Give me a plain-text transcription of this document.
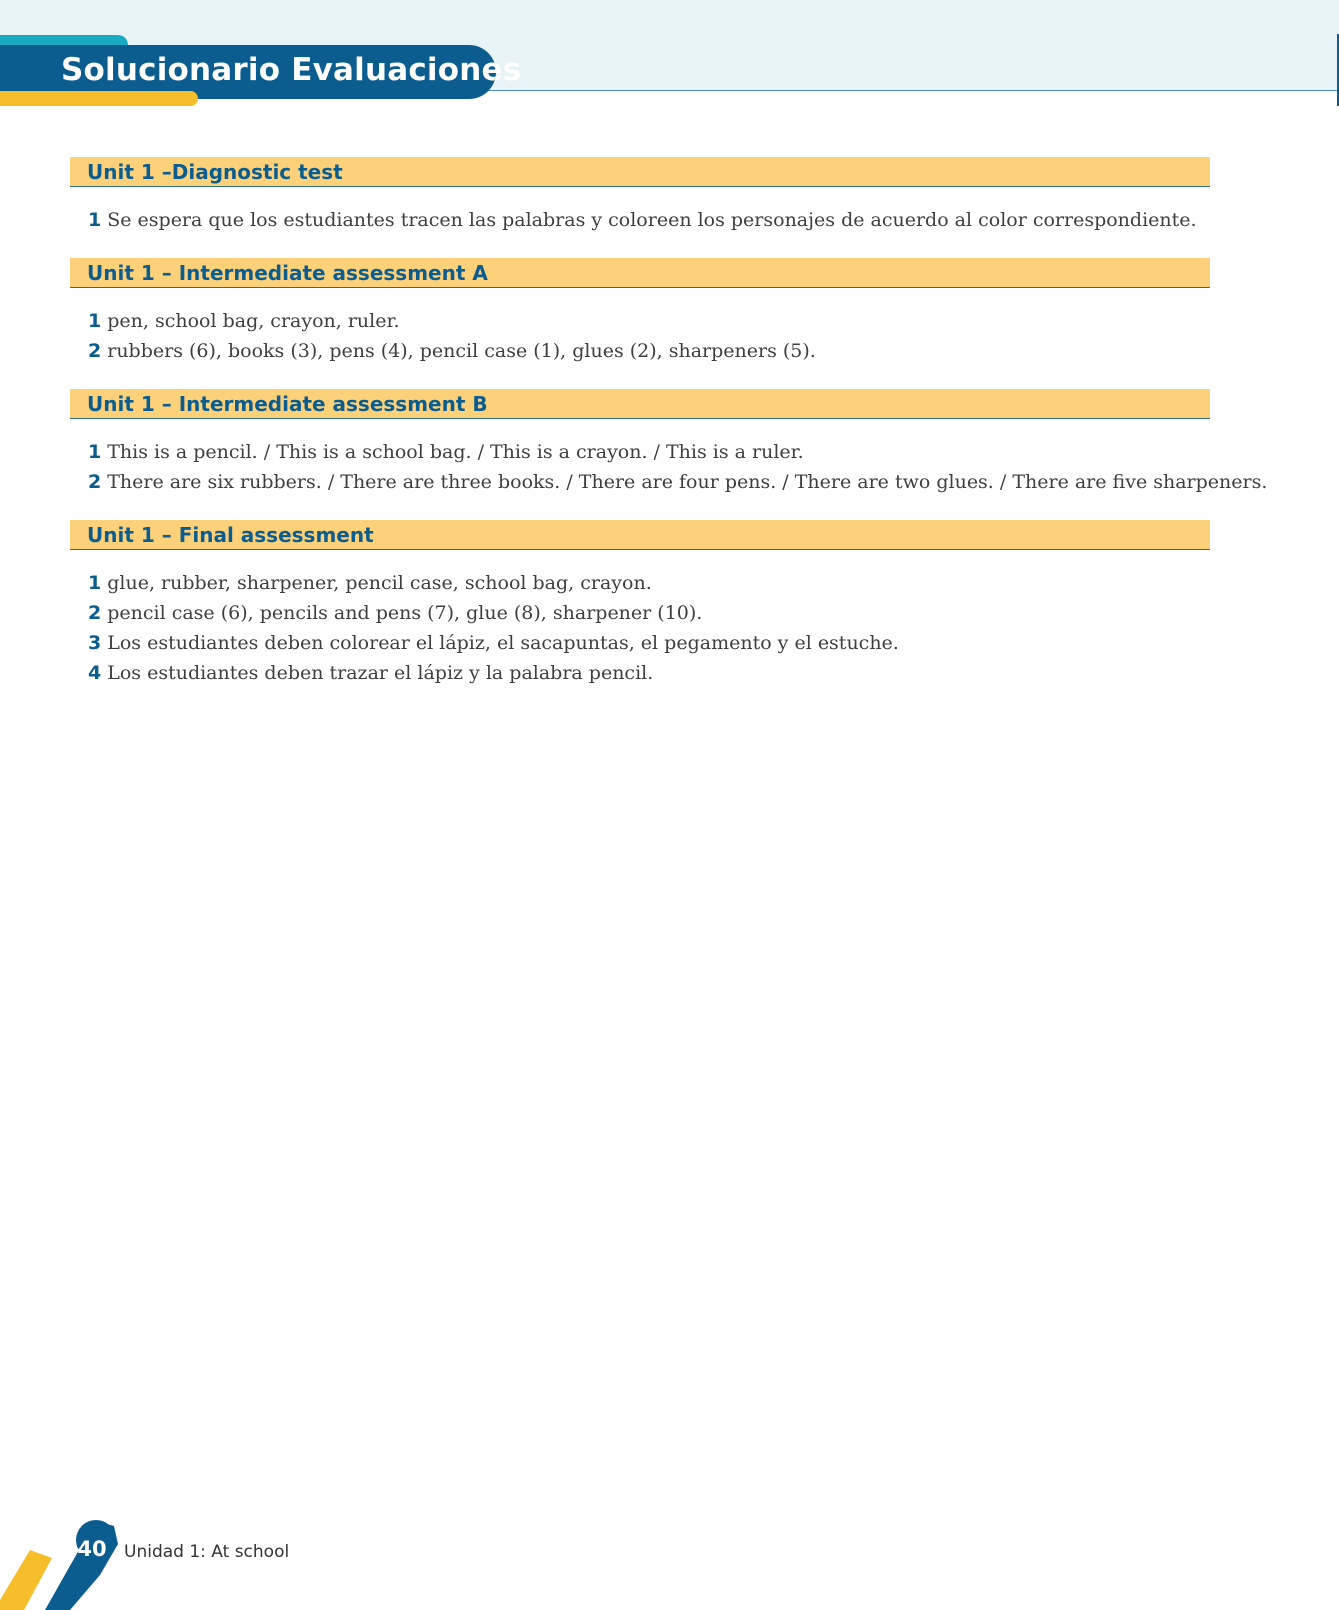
Solucionario Evaluaciones
Unit 1 –Diagnostic test
1 Se espera que los estudiantes tracen las palabras y coloreen los personajes de acuerdo al color correspondiente.
Unit 1 – Intermediate assessment A
1 pen, school bag, crayon, ruler.
2 rubbers (6), books (3), pens (4), pencil case (1), glues (2), sharpeners (5).
Unit 1 – Intermediate assessment B
1 This is a pencil. / This is a school bag. / This is a crayon. / This is a ruler.
2 There are six rubbers. / There are three books. / There are four pens. / There are two glues. / There are five sharpeners.
Unit 1 – Final assessment
1 glue, rubber, sharpener, pencil case, school bag, crayon.
2 pencil case (6), pencils and pens (7), glue (8), sharpener (10).
3 Los estudiantes deben colorear el lápiz, el sacapuntas, el pegamento y el estuche.
4 Los estudiantes deben trazar el lápiz y la palabra pencil.
40 Unidad 1: At school
